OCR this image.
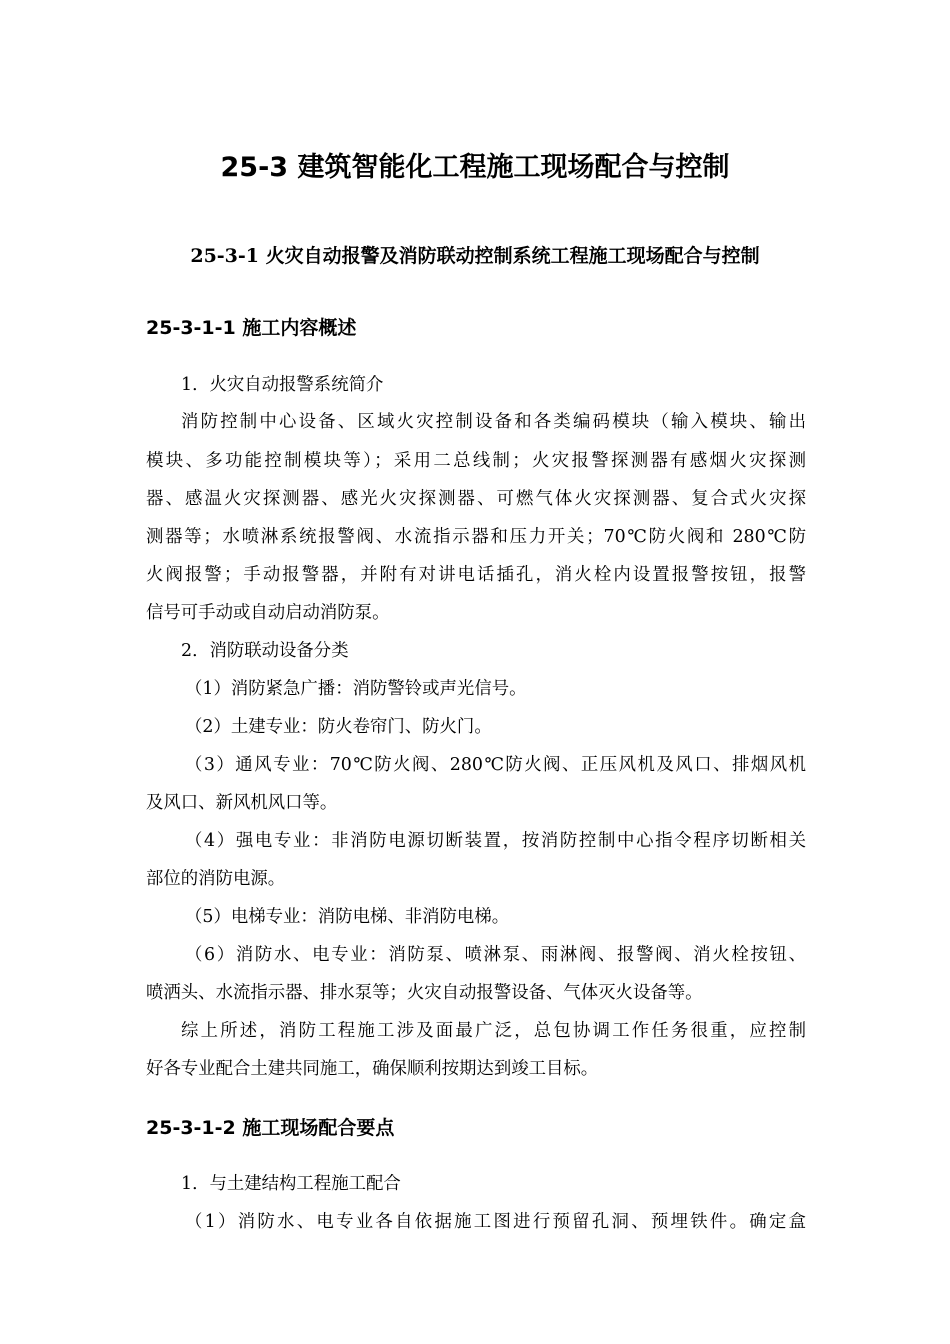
25-3 建筑智能化工程施工现场配合与控制
25-3-1 火灾自动报警及消防联动控制系统工程施工现场配合与控制
25-3-1-1 施工内容概述
1．火灾自动报警系统简介
消防控制中心设备、区域火灾控制设备和各类编码模块（输入模块、输出
模块、多功能控制模块等）；采用二总线制；火灾报警探测器有感烟火灾探测
器、感温火灾探测器、感光火灾探测器、可燃气体火灾探测器、复合式火灾探
测器等；水喷淋系统报警阀、水流指示器和压力开关；70℃防火阀和 280℃防
火阀报警；手动报警器，并附有对讲电话插孔，消火栓内设置报警按钮，报警
信号可手动或自动启动消防泵。
2．消防联动设备分类
（1）消防紧急广播：消防警铃或声光信号。
（2）土建专业：防火卷帘门、防火门。
（3）通风专业：70℃防火阀、280℃防火阀、正压风机及风口、排烟风机
及风口、新风机风口等。
（4）强电专业：非消防电源切断装置，按消防控制中心指令程序切断相关
部位的消防电源。
（5）电梯专业：消防电梯、非消防电梯。
（6）消防水、电专业：消防泵、喷淋泵、雨淋阀、报警阀、消火栓按钮、
喷洒头、水流指示器、排水泵等；火灾自动报警设备、气体灭火设备等。
综上所述，消防工程施工涉及面最广泛，总包协调工作任务很重，应控制
好各专业配合土建共同施工，确保顺利按期达到竣工目标。
25-3-1-2 施工现场配合要点
1．与土建结构工程施工配合
（1）消防水、电专业各自依据施工图进行预留孔洞、预埋铁件。确定盒
